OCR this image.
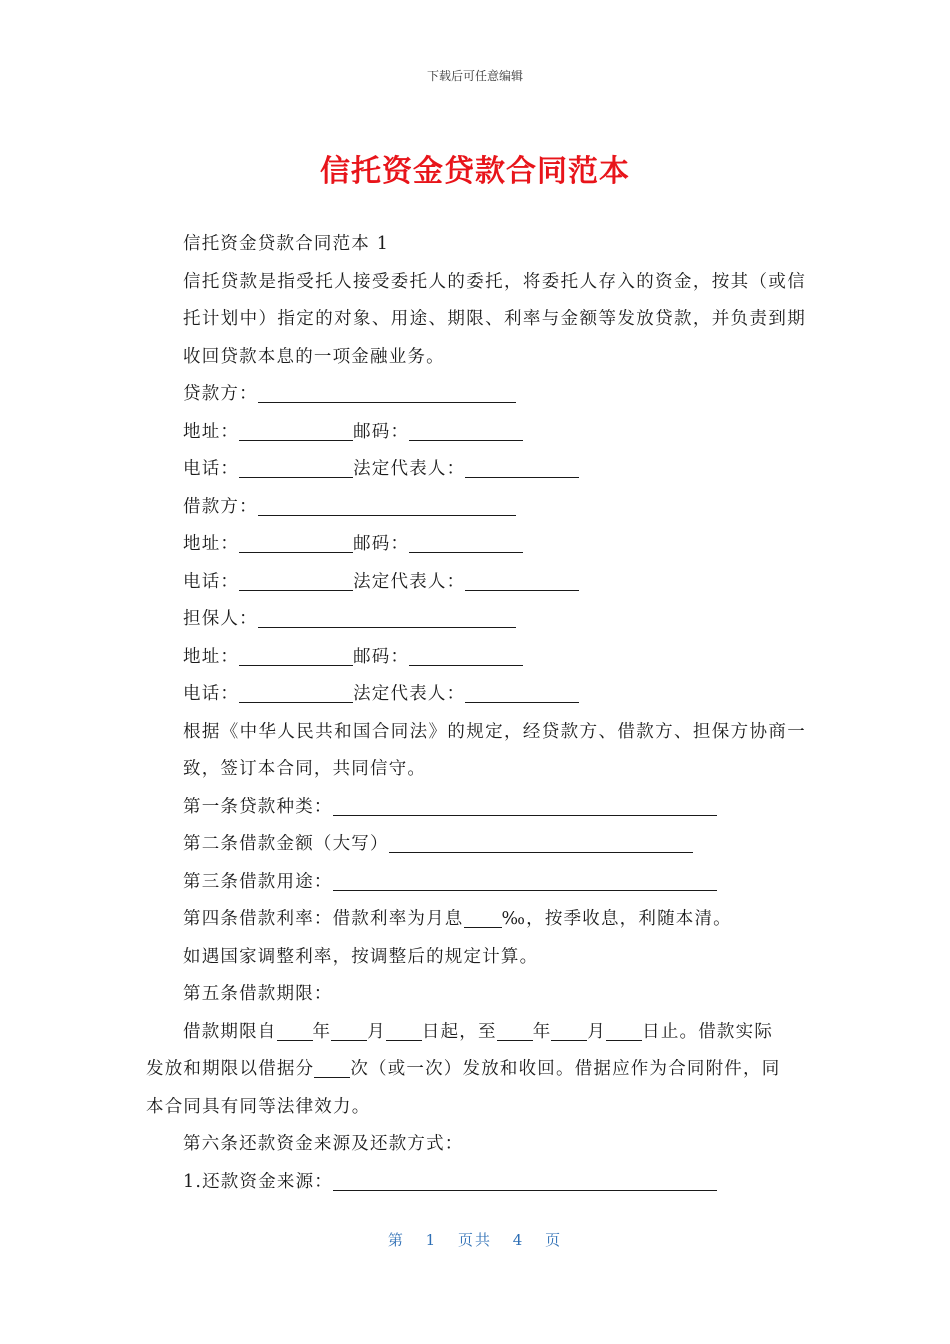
下载后可任意编辑
信托资金贷款合同范本

信托资金贷款合同范本 1

信托贷款是指受托人接受委托人的委托，将委托人存入的资金，按其（或信托计划中）指定的对象、用途、期限、利率与金额等发放贷款，并负责到期收回贷款本息的一项金融业务。

贷款方：

地址：	邮码：

电话：	法定代表人：

借款方：

地址：	邮码：

电话：	法定代表人：

担保人：

地址：	邮码：

电话：	法定代表人：

根据《中华人民共和国合同法》的规定，经贷款方、借款方、担保方协商一致，签订本合同，共同信守。

第一条贷款种类：

第二条借款金额（大写）

第三条借款用途：

第四条借款利率：借款利率为月息 ‰，按季收息，利随本清。

如遇国家调整利率，按调整后的规定计算。

第五条借款期限：

借款期限自 年 月 日起，至 年 月 日止。借款实际

发放和期限以借据分 次（或一次）发放和收回。借据应作为合同附件，同

本合同具有同等法律效力。

第六条还款资金来源及还款方式：

1.还款资金来源：

第 1 页共 4 页
